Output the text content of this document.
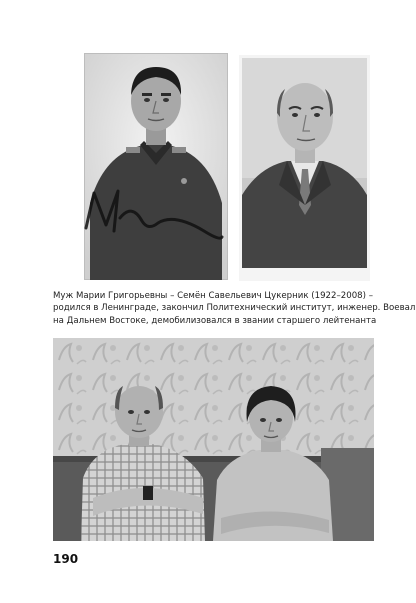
Муж Марии Григорьевны – Семён Савельевич Цукерник (1922–2008) –
родился в Ленинграде, закончил Политехнический институт, инженер. Воевал
на Дальнем Востоке, демобилизовался в звании старшего лейтенанта
190
